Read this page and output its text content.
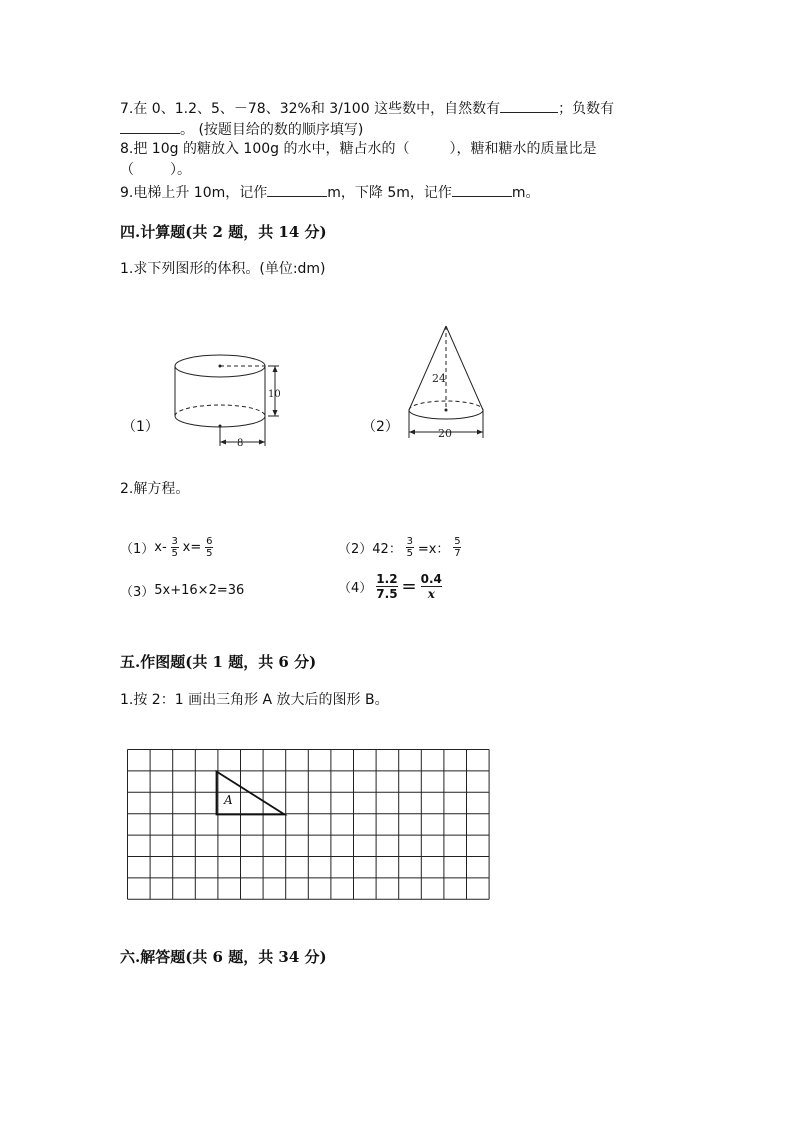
7.在 0、1.2、5、－78、32%和 3/100 这些数中，自然数有	；负数有
。 (按题目给的数的顺序填写)
8.把 10g 的糖放入 100g 的水中，糖占水的（	），糖和糖水的质量比是
（	）。
9.电梯上升 10m，记作	m，下降 5m，记作	m。
四.计算题(共 2 题，共 14 分)
1.求下列图形的体积。(单位:dm)
（1）
10
8
（2）
24
20
2.解方程。
（1） $x- \frac{3}{5} x= \frac{6}{5}$	（2） 42： $\frac{3}{5} =x$： $\frac{5}{7}$
（3） 5x+16×2=36	$(4) \frac{1.2}{7.5} = \frac{0.4}{x}$
五.作图题(共 1 题，共 6 分)
1.按 2：1 画出三角形 A 放大后的图形 B。
A
六.解答题(共 6 题，共 34 分)
